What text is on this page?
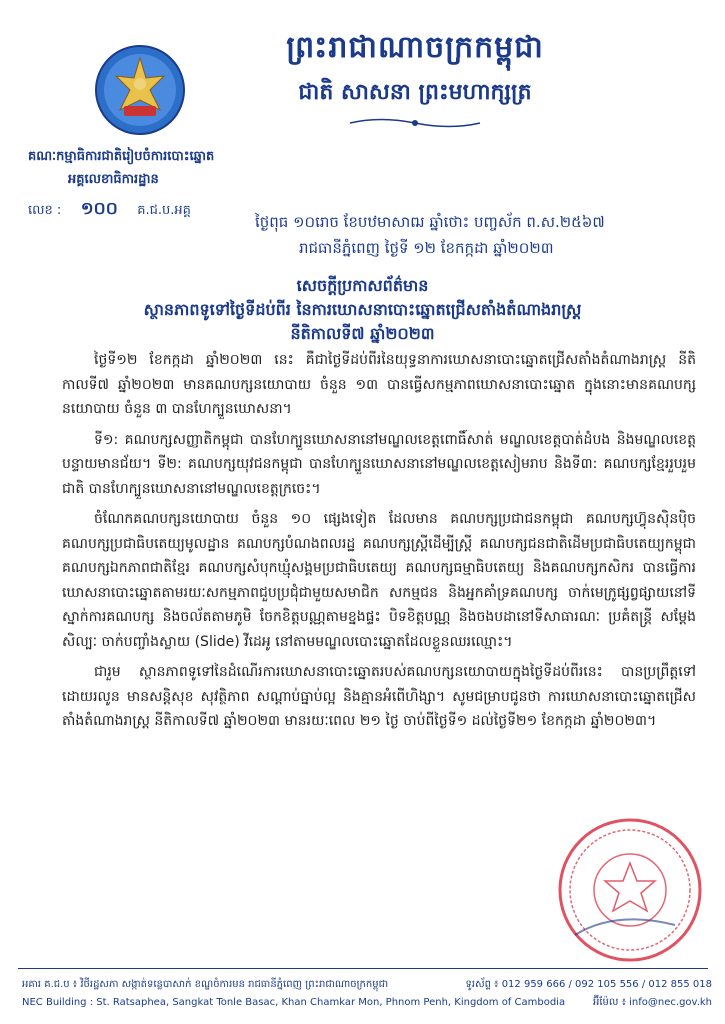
ព្រះរាជាណាចក្រកម្ពុជា
ជាតិ សាសនា ព្រះមហាក្សត្រ
គណៈកម្មាធិការជាតិរៀបចំការបោះឆ្នោត
អគ្គលេខាធិការដ្ឋាន
លេខ :	១០០	គ.ជ.ប.អគ្គ
ថ្ងៃពុធ ១០រោច ខែបឋមាសាឍ ឆ្នាំថោះ បញ្ចស័ក ព.ស.២៥៦៧
រាជធានីភ្នំពេញ ថ្ងៃទី ១២ ខែកក្កដា ឆ្នាំ២០២៣
សេចក្តីប្រកាសព័ត៌មាន
ស្ថានភាពទូទៅថ្ងៃទីដប់ពីរ នៃការឃោសនាបោះឆ្នោតជ្រើសតាំងតំណាងរាស្ត្រ
នីតិកាលទី៧ ឆ្នាំ២០២៣

ថ្ងៃទី១២ ខែកក្កដា ឆ្នាំ២០២៣ នេះ គឺជាថ្ងៃទីដប់ពីរនៃយុទ្ធនាការឃោសនាបោះឆ្នោតជ្រើសតាំងតំណាងរាស្ត្រ នីតិកាលទី៧ ឆ្នាំ២០២៣ មានគណបក្សនយោបាយ ចំនួន ១៣ បានធ្វើសកម្មភាពឃោសនាបោះឆ្នោត ក្នុងនោះមានគណបក្សនយោបាយ ចំនួន ៣ បានហែក្បួនឃោសនា។

ទី១: គណបក្សសញ្ញាតិកម្ពុជា បានហែក្បួនឃោសនានៅមណ្ឌលខេត្តពោធិ៍សាត់ មណ្ឌលខេត្តបាត់ដំបង និងមណ្ឌលខេត្តបន្ទាយមានជ័យ។ ទី២: គណបក្សយុវជនកម្ពុជា បានហែក្បួនឃោសនានៅមណ្ឌលខេត្តសៀមរាប និងទី៣: គណបក្សខ្មែររួបរួមជាតិ បានហែក្បួនឃោសនានៅមណ្ឌលខេត្តក្រចេះ។

ចំណែកគណបក្សនយោបាយ ចំនួន ១០ ផ្សេងទៀត ដែលមាន គណបក្សប្រជាជនកម្ពុជា គណបក្សហ៊្វុនស៊ិនប៉ិច គណបក្សប្រជាធិបតេយ្យមូលដ្ឋាន គណបក្សបំណងពលរដ្ឋ គណបក្សស្ត្រីដើម្បីស្ត្រី គណបក្សជនជាតិដើមប្រជាធិបតេយ្យកម្ពុជា គណបក្សឯកភាពជាតិខ្មែរ គណបក្សសំបុកឃ្មុំសង្គមប្រជាធិបតេយ្យ គណបក្សធម្មាធិបតេយ្យ និងគណបក្សកសិករ បានធ្វើការឃោសនាបោះឆ្នោតតាមរយៈសកម្មភាពជួបប្រជុំជាមួយសមាជិក សកម្មជន និងអ្នកគាំទ្រគណបក្ស ចាក់មេក្រូផ្សព្វផ្សាយនៅទីស្នាក់ការគណបក្ស និងចល័តតាមភូមិ ចែកខិត្តបណ្ណតាមខ្នងផ្ទះ បិទខិត្តបណ្ណ និងចងបដានៅទីសាធារណៈ ប្រគំតន្ត្រី សម្តែងសិល្បៈ ចាក់បញ្ចាំងស្លាយ (Slide) វីដេអូ នៅតាមមណ្ឌលបោះឆ្នោតដែលខ្លួនឈរឈ្មោះ។

ជារួម ស្ថានភាពទូទៅនៃដំណើរការឃោសនាបោះឆ្នោតរបស់គណបក្សនយោបាយក្នុងថ្ងៃទីដប់ពីរនេះ បានប្រព្រឹត្តទៅដោយរលូន មានសន្តិសុខ សុវត្ថិភាព សណ្តាប់ធ្នាប់ល្អ និងគ្មានអំពើហិង្សា។ សូមជម្រាបជូនថា ការឃោសនាបោះឆ្នោតជ្រើសតាំងតំណាងរាស្ត្រ នីតិកាលទី៧ ឆ្នាំ២០២៣ មានរយៈពេល ២១ ថ្ងៃ ចាប់ពីថ្ងៃទី១ ដល់ថ្ងៃទី២១ ខែកក្កដា ឆ្នាំ២០២៣។

អគារ គ.ជ.ប ៖ វិថីរដ្ឋសភា សង្កាត់ទន្លេបាសាក់ ខណ្ឌចំការមន រាជធានីភ្នំពេញ ព្រះរាជាណាចក្រកម្ពុជា	ទូរស័ព្ទ ៖ 012 959 666 / 092 105 556 / 012 855 018
NEC Building : St. Ratsaphea, Sangkat Tonle Basac, Khan Chamkar Mon, Phnom Penh, Kingdom of Cambodia	អ៊ីម៉ែល ៖ info@nec.gov.kh
